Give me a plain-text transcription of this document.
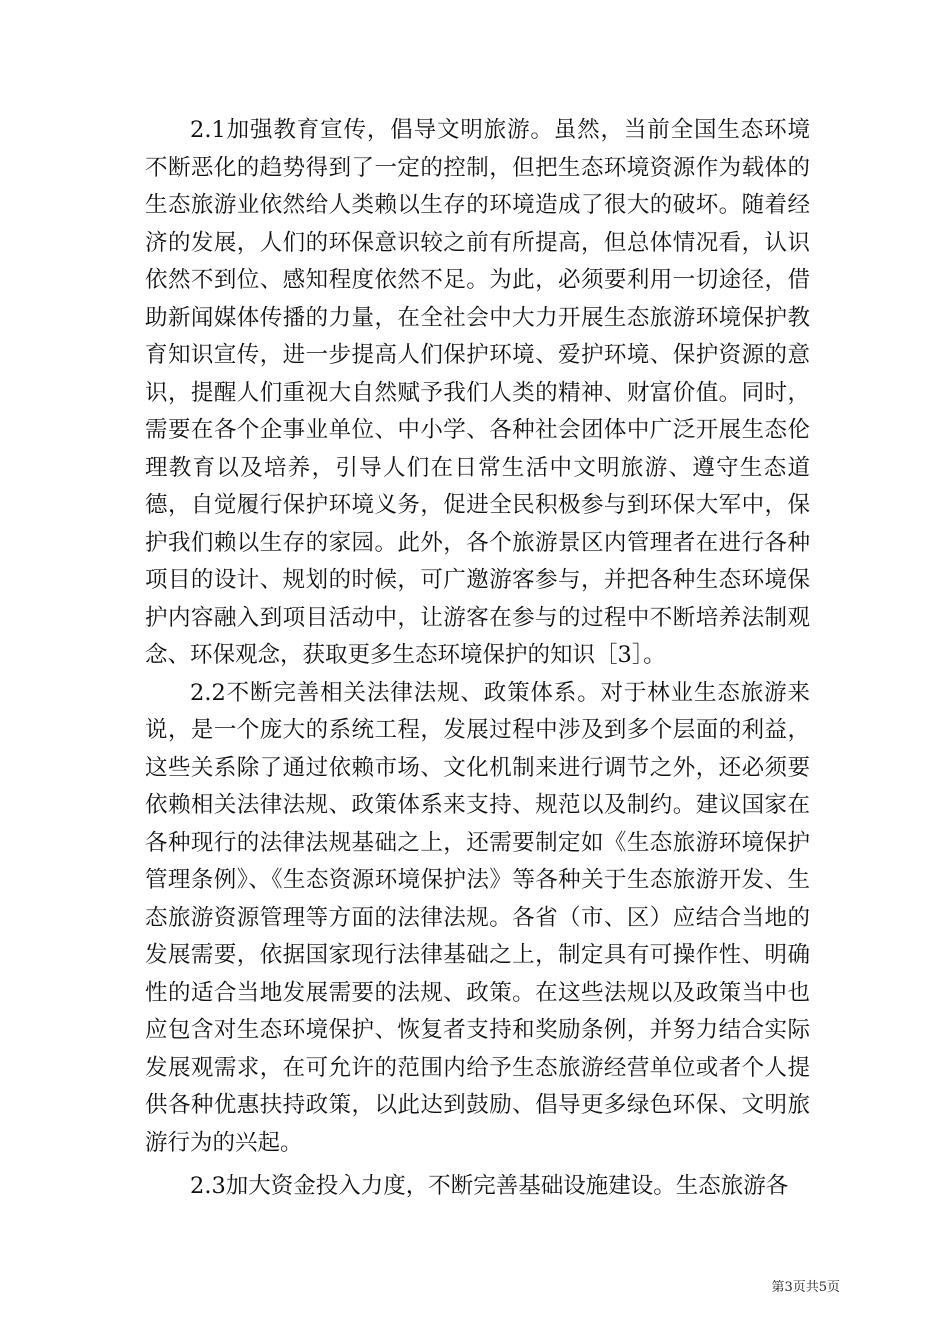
2.1加强教育宣传，倡导文明旅游。虽然，当前全国生态环境不断恶化的趋势得到了一定的控制，但把生态环境资源作为载体的生态旅游业依然给人类赖以生存的环境造成了很大的破坏。随着经济的发展，人们的环保意识较之前有所提高，但总体情况看，认识依然不到位、感知程度依然不足。为此，必须要利用一切途径，借助新闻媒体传播的力量，在全社会中大力开展生态旅游环境保护教育知识宣传，进一步提高人们保护环境、爱护环境、保护资源的意识，提醒人们重视大自然赋予我们人类的精神、财富价值。同时，需要在各个企事业单位、中小学、各种社会团体中广泛开展生态伦理教育以及培养，引导人们在日常生活中文明旅游、遵守生态道德，自觉履行保护环境义务，促进全民积极参与到环保大军中，保护我们赖以生存的家园。此外，各个旅游景区内管理者在进行各种项目的设计、规划的时候，可广邀游客参与，并把各种生态环境保护内容融入到项目活动中，让游客在参与的过程中不断培养法制观念、环保观念，获取更多生态环境保护的知识［3］。

2.2不断完善相关法律法规、政策体系。对于林业生态旅游来说，是一个庞大的系统工程，发展过程中涉及到多个层面的利益，这些关系除了通过依赖市场、文化机制来进行调节之外，还必须要依赖相关法律法规、政策体系来支持、规范以及制约。建议国家在各种现行的法律法规基础之上，还需要制定如《生态旅游环境保护管理条例》、《生态资源环境保护法》等各种关于生态旅游开发、生态旅游资源管理等方面的法律法规。各省（市、区）应结合当地的发展需要，依据国家现行法律基础之上，制定具有可操作性、明确性的适合当地发展需要的法规、政策。在这些法规以及政策当中也应包含对生态环境保护、恢复者支持和奖励条例，并努力结合实际发展观需求，在可允许的范围内给予生态旅游经营单位或者个人提供各种优惠扶持政策，以此达到鼓励、倡导更多绿色环保、文明旅游行为的兴起。

2.3加大资金投入力度，不断完善基础设施建设。生态旅游各

第3页共5页
